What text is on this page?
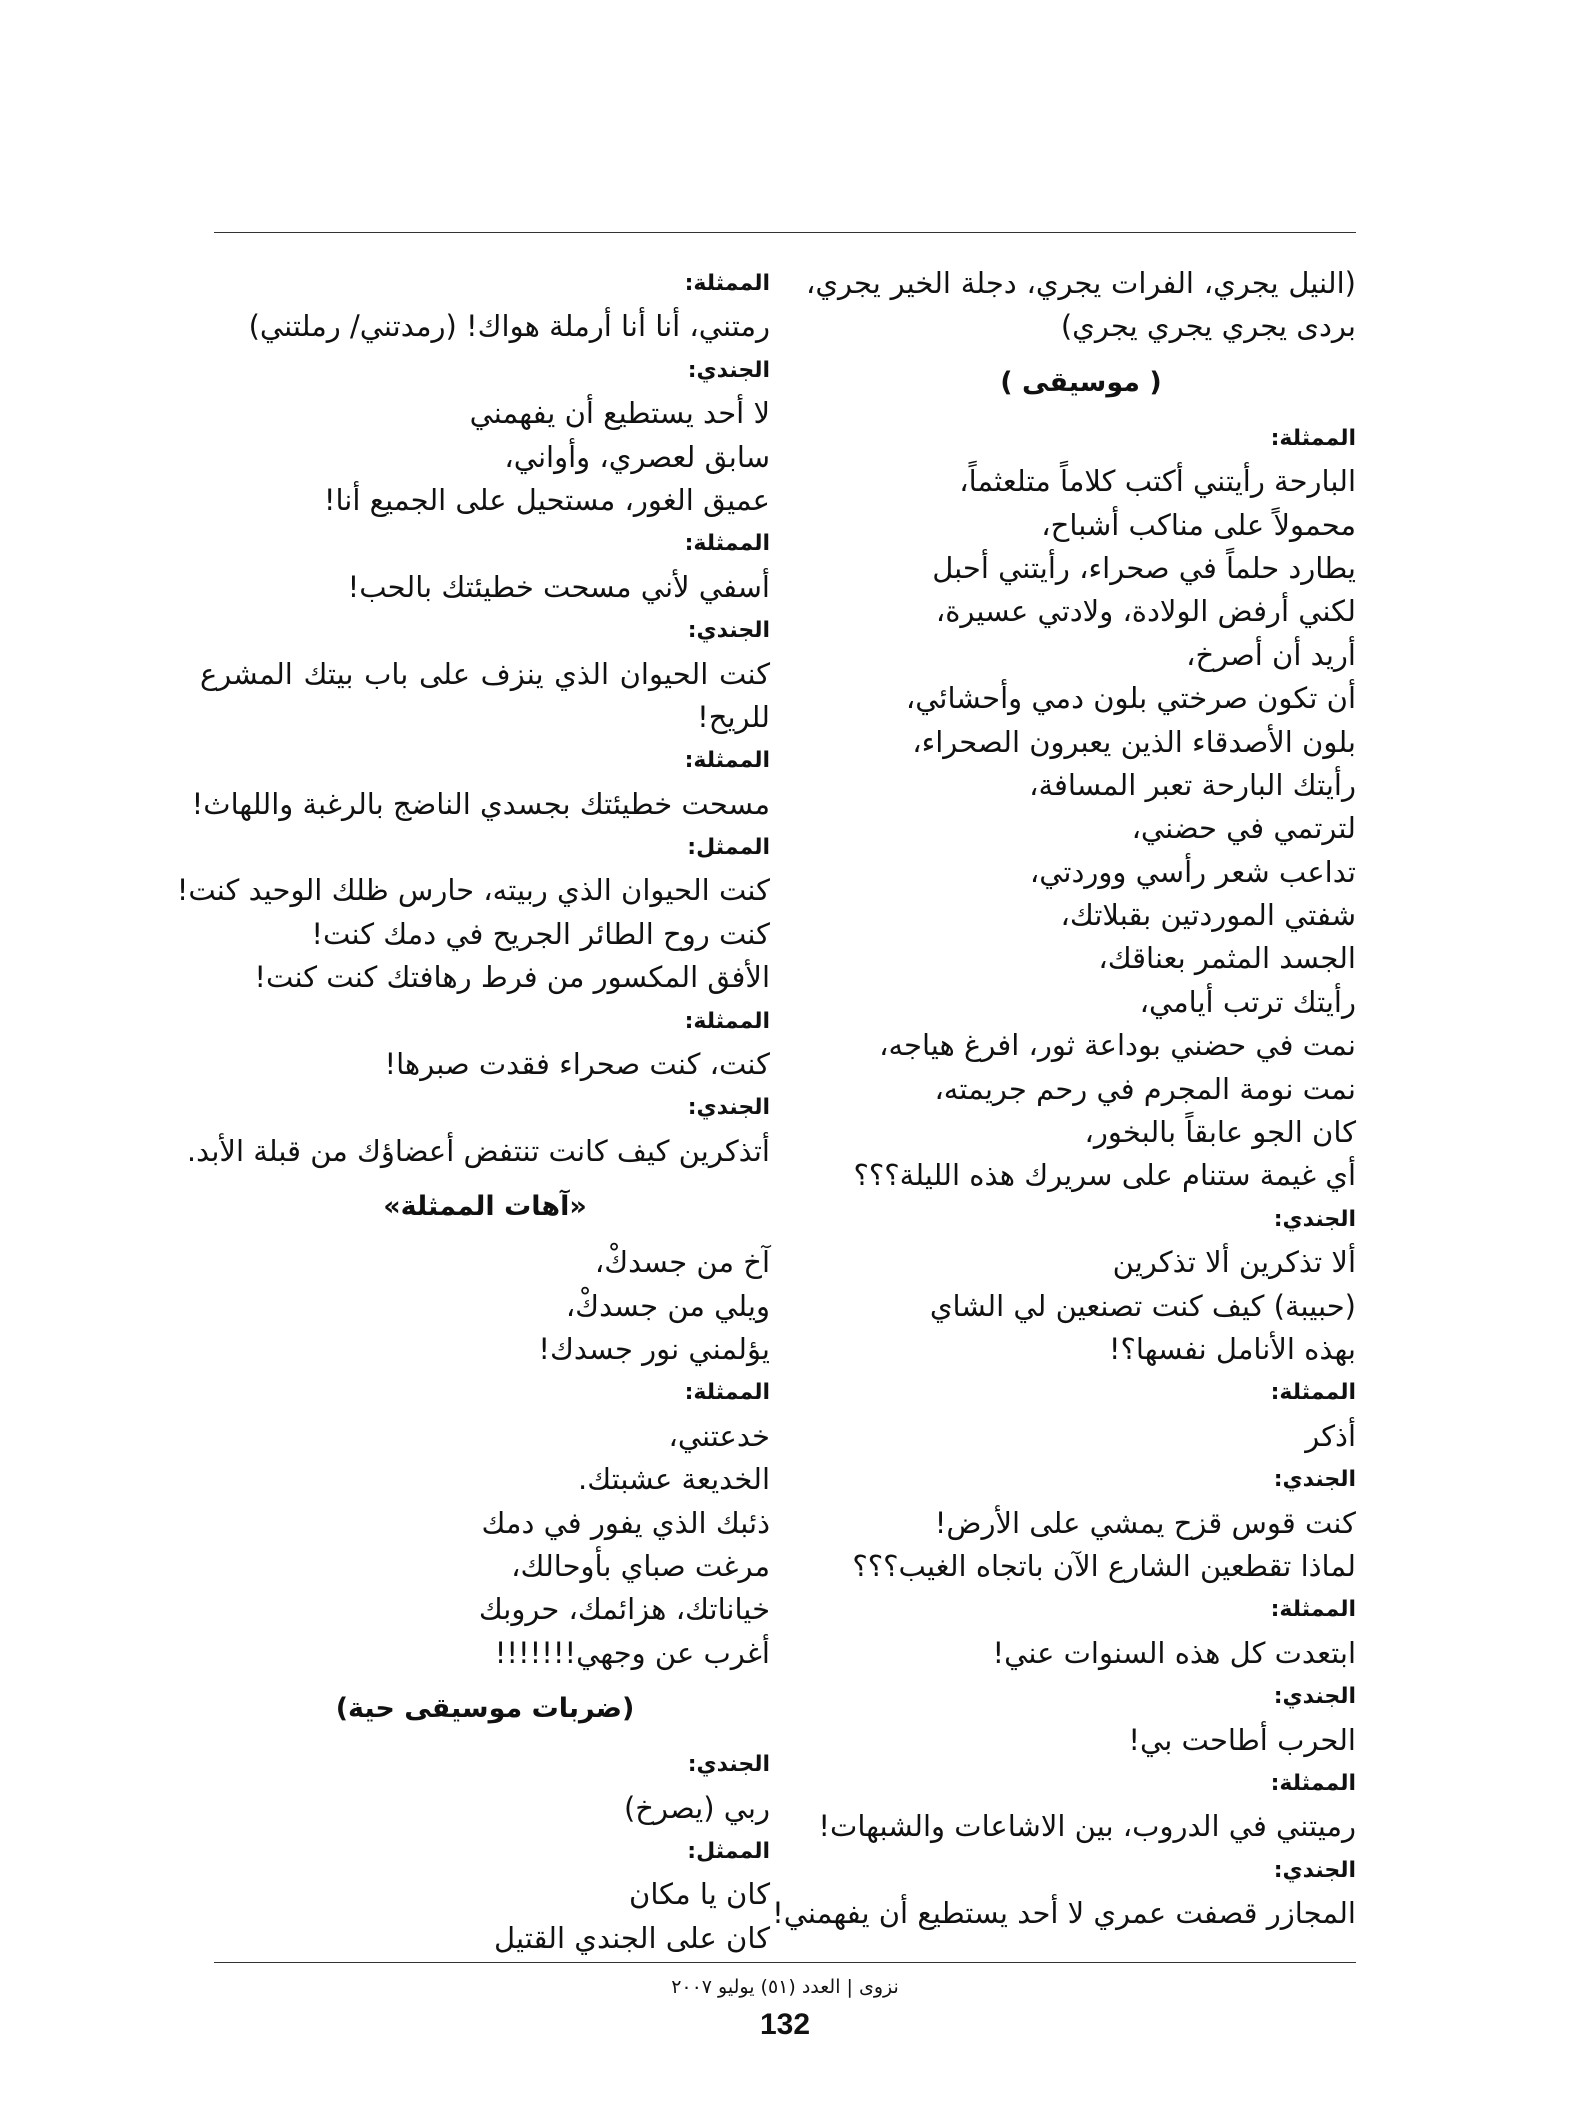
(النيل يجري، الفرات يجري، دجلة الخير يجري،
بردى يجري يجري يجري)
( موسيقى )
الممثلة:
البارحة رأيتني أكتب كلاماً متلعثماً،
محمولاً على مناكب أشباح،
يطارد حلماً في صحراء، رأيتني أحبل
لكني أرفض الولادة، ولادتي عسيرة،
أريد أن أصرخ،
أن تكون صرختي بلون دمي وأحشائي،
بلون الأصدقاء الذين يعبرون الصحراء،
رأيتك البارحة تعبر المسافة،
لترتمي في حضني،
تداعب شعر رأسي ووردتي،
شفتي الموردتين بقبلاتك،
الجسد المثمر بعناقك،
رأيتك ترتب أيامي،
نمت في حضني بوداعة ثور، افرغ هياجه،
نمت نومة المجرم في رحم جريمته،
كان الجو عابقاً بالبخور،
أي غيمة ستنام على سريرك هذه الليلة؟؟؟
الجندي:
ألا تذكرين ألا تذكرين
(حبيبة) كيف كنت تصنعين لي الشاي
بهذه الأنامل نفسها؟!
الممثلة:
أذكر
الجندي:
كنت قوس قزح يمشي على الأرض!
لماذا تقطعين الشارع الآن باتجاه الغيب؟؟؟
الممثلة:
ابتعدت كل هذه السنوات عني!
الجندي:
الحرب أطاحت بي!
الممثلة:
رميتني في الدروب، بين الاشاعات والشبهات!
الجندي:
المجازر قصفت عمري لا أحد يستطيع أن يفهمني!
الممثلة:
رمتني، أنا أنا أرملة هواك! (رمدتني/ رملتني)
الجندي:
لا أحد يستطيع أن يفهمني
سابق لعصري، وأواني،
عميق الغور، مستحيل على الجميع أنا!
الممثلة:
أسفي لأني مسحت خطيئتك بالحب!
الجندي:
كنت الحيوان الذي ينزف على باب بيتك المشرع
للريح!
الممثلة:
مسحت خطيئتك بجسدي الناضج بالرغبة واللهاث!
الممثل:
كنت الحيوان الذي ربيته، حارس ظلك الوحيد كنت!
كنت روح الطائر الجريح في دمك كنت!
الأفق المكسور من فرط رهافتك كنت كنت!
الممثلة:
كنت، كنت صحراء فقدت صبرها!
الجندي:
أتذكرين كيف كانت تنتفض أعضاؤك من قبلة الأبد.
«آهات الممثلة»
آخ من جسدكْ،
ويلي من جسدكْ،
يؤلمني نور جسدك!
الممثلة:
خدعتني،
الخديعة عشبتك.
ذئبك الذي يفور في دمك
مرغت صباي بأوحالك،
خياناتك، هزائمك، حروبك
أغرب عن وجهي!!!!!!!
(ضربات موسيقى حية)
الجندي:
ربي (يصرخ)
الممثل:
كان يا مكان
كان على الجندي القتيل
نزوى | العدد (٥١) يوليو ٢٠٠٧
132
